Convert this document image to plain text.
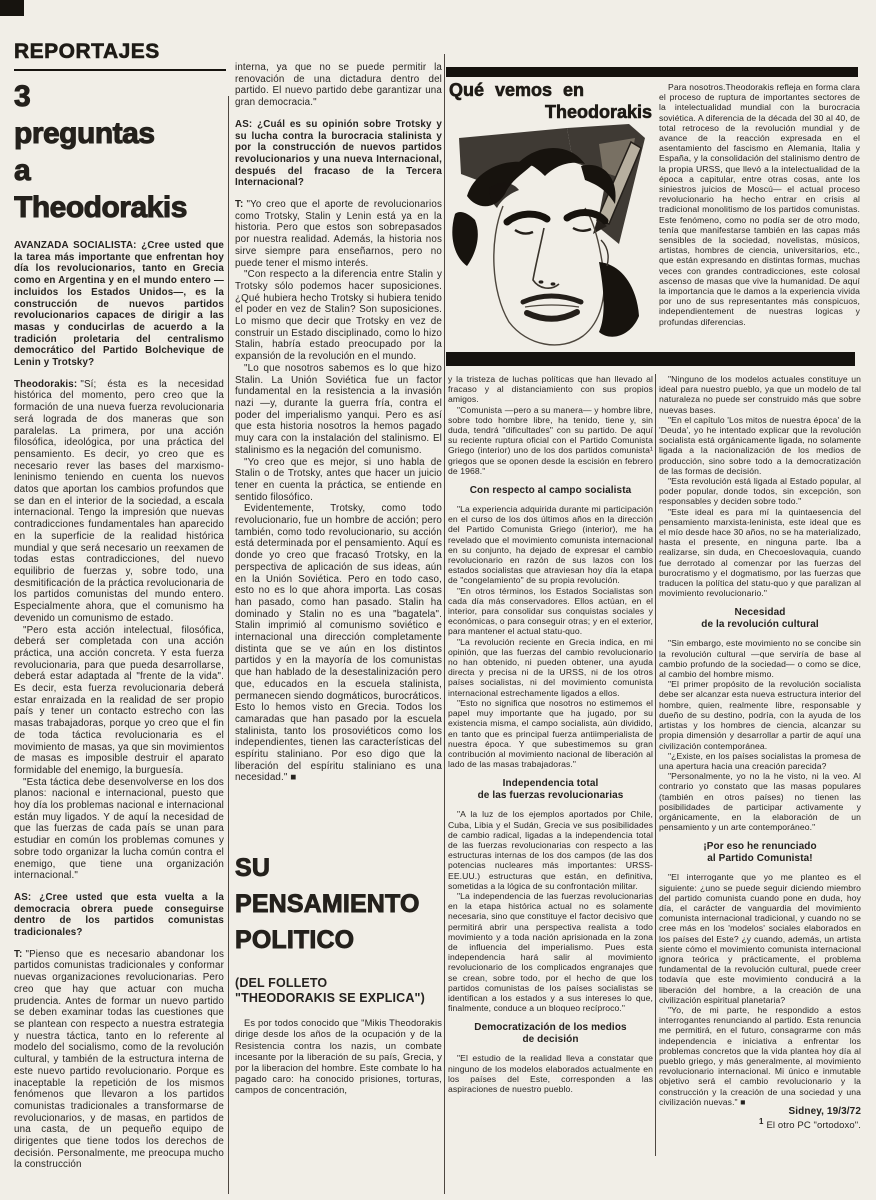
REPORTAJES
3
preguntas
a
Theodorakis

AVANZADA SOCIALISTA: ¿Cree usted que la tarea más importante que enfrentan hoy día los revolucionarios, tanto en Grecia como en Argentina y en el mundo entero —incluidos los Estados Unidos—, es la construcción de nuevos partidos revolucionarios capaces de dirigir a las masas y conducirlas de acuerdo a la tradición proletaria del centralismo democrático del Partido Bolchevique de Lenin y Trotsky?

Theodorakis: "Sí; ésta es la necesidad histórica del momento, pero creo que la formación de una nueva fuerza revolucionaria será lograda de dos maneras que son paralelas. La primera, por una acción filosófica, ideológica, por una práctica del pensamiento. Es decir, yo creo que es necesario rever las bases del marxismo-leninismo teniendo en cuenta los nuevos datos que aportan los cambios profundos que se dan en el interior de la sociedad, a escala internacional. Tengo la impresión que nuevas contradicciones fundamentales han aparecido en la superficie de la realidad histórica mundial y que será necesario un reexamen de todas estas contradicciones, del nuevo equilibrio de fuerzas y, sobre todo, una desmitificación de la práctica revolucionaria de los partidos comunistas del mundo entero. Especialmente ahora, que el comunismo ha devenido un comunismo de estado.

"Pero esta acción intelectual, filosófica, deberá ser completada con una acción práctica, una acción concreta. Y esta fuerza revolucionaria, para que pueda desarrollarse, deberá estar adaptada al "frente de la vida". Es decir, esta fuerza revolucionaria deberá estar enraizada en la realidad de ser propio país y tener un contacto estrecho con las masas trabajadoras, porque yo creo que el fin de toda táctica revolucionaria es el movimiento de masas, ya que sin movimientos de masas es imposible destruir el aparato formidable del enemigo, la burguesía.

"Esta táctica debe desenvolverse en los dos planos: nacional e internacional, puesto que hoy día los problemas nacional e internacional están muy ligados. Y de aquí la necesidad de que las fuerzas de cada país se unan para estudiar en común los problemas comunes y sobre todo organizar la lucha común contra el enemigo, que tiene una organización internacional."

AS: ¿Cree usted que esta vuelta a la democracia obrera puede conseguirse dentro de los partidos comunistas tradicionales?

T: "Pienso que es necesario abandonar los partidos comunistas tradicionales y conformar nuevas organizaciones revolucionarias. Pero creo que hay que actuar con mucha prudencia. Antes de formar un nuevo partido se deben examinar todas las cuestiones que se plantean con respecto a nuestra estrategia y nuestra táctica, tanto en lo referente al modelo del socialismo, como de la revolución cultural, y también de la estructura interna de este nuevo partido revolucionario. Porque es inaceptable la repetición de los mismos fenómenos que llevaron a los partidos comunistas tradicionales a transformarse de revolucionarios, y de masas, en partidos de una casta, de un pequeño equipo de dirigentes que tiene todos los derechos de decisión. Personalmente, me preocupa mucho la construcción

interna, ya que no se puede permitir la renovación de una dictadura dentro del partido. El nuevo partido debe garantizar una gran democracia."

AS: ¿Cuál es su opinión sobre Trotsky y su lucha contra la burocracia stalinista y por la construcción de nuevos partidos revolucionarios y una nueva Internacional, después del fracaso de la Tercera Internacional?

T: "Yo creo que el aporte de revolucionarios como Trotsky, Stalin y Lenin está ya en la historia. Pero que estos son sobrepasados por nuestra realidad. Además, la historia nos sirve siempre para enseñarnos, pero no puede tener el mismo interés.

"Con respecto a la diferencia entre Stalin y Trotsky sólo podemos hacer suposiciones. ¿Qué hubiera hecho Trotsky si hubiera tenido el poder en vez de Stalin? Son suposiciones. Lo mismo que decir que Trotsky en vez de construir un Estado disciplinado, como lo hizo Stalin, habría estado preocupado por la expansión de la revolución en el mundo.

"Lo que nosotros sabemos es lo que hizo Stalin. La Unión Soviética fue un factor fundamental en la resistencia a la invasión nazi —y, durante la guerra fría, contra el poder del imperialismo yanqui. Pero es así que esta historia nosotros la hemos pagado muy cara con la instalación del stalinismo. El stalinismo es la negación del comunismo.

"Yo creo que es mejor, si uno habla de Stalin o de Trotsky, antes que hacer un juicio tener en cuenta la práctica, se entiende en sentido filosófico.

Evidentemente, Trotsky, como todo revolucionario, fue un hombre de acción; pero también, como todo revolucionario, su acción está determinada por el pensamiento. Aquí es donde yo creo que fracasó Trotsky, en la perspectiva de aplicación de sus ideas, aún en la Unión Soviética. Pero en todo caso, esto no es lo que ahora importa. Las cosas han pasado, como han pasado. Stalin ha dominado y Stalin no es una "bagatela". Stalin imprimió al comunismo soviético e internacional una dirección completamente distinta que se ve aún en los distintos partidos y en la mayoría de los comunistas que han hablado de la desestalinización pero que, educados en la escuela stalinista, permanecen siendo dogmáticos, burocráticos. Esto lo hemos visto en Grecia. Todos los camaradas que han pasado por la escuela stalinista, tanto los prosoviéticos como los independientes, tienen las características del espíritu staliniano. Por eso digo que la liberación del espíritu staliniano es una necesidad." ■

SU
PENSAMIENTO
POLITICO
(DEL FOLLETO
"THEODORAKIS SE EXPLICA")

Es por todos conocido que "Mikis Theodorakis dirige desde los años de la ocupación y de la Resistencia contra los nazis, un combate incesante por la liberación de su país, Grecia, y por la liberacion del hombre. Este combate lo ha pagado caro: ha conocido prisiones, torturas, campos de concentración,

Qué vemos en
Theodorakis

y la tristeza de luchas políticas que han llevado al fracaso y al distanciamiento con sus propios amigos.

"Comunista —pero a su manera— y hombre libre, sobre todo hombre libre, ha tenido, tiene y, sin duda, tendrá "dificultades" con su partido. De aquí su reciente ruptura oficial con el Partido Comunista Griego (interior) uno de los dos partidos comunista¹ griegos que se oponen desde la escisión en febrero de 1968."

Con respecto al campo socialista

"La experiencia adquirida durante mi participación en el curso de los dos últimos años en la dirección del Partido Comunista Griego (interior), me ha revelado que el movimiento comunista internacional en su conjunto, ha dejado de expresar el cambio revolucionario en razón de sus lazos con los estados socialistas que atraviesan hoy día la etapa de "congelamiento" de su propia revolución.

"En otros términos, los Estados Socialistas son cada día más conservadores. Ellos actúan, en el interior, para consolidar sus conquistas sociales y económicas, o para conseguir otras; y en el exterior, para mantener el actual statu-quo.

"La revolución reciente en Grecia indica, en mi opinión, que las fuerzas del cambio revolucionario no han obtenido, ni pueden obtener, una ayuda directa y precisa ni de la URSS, ni de los otros países socialistas, ni del movimiento comunista internacional estrechamente ligados a ellos.

"Esto no significa que nosotros no estimemos el papel muy importante que ha jugado, por su existencia misma, el campo socialista, aún dividido, en tanto que es principal fuerza antiimperialista de nuestra época. Y que subestimemos su gran contribución al movimiento nacional de liberación al lado de las masas trabajadoras."

Independencia total
de las fuerzas revolucionarias

"A la luz de los ejemplos aportados por Chile, Cuba, Libia y el Sudán, Grecia ve sus posibilidades de cambio radical, ligadas a la independencia total de las fuerzas revolucionarias con respecto a las estructuras internas de los dos campos (de las dos potencias nucleares más importantes: URSS- EE.UU.) estructuras que están, en definitiva, sometidas a la lógica de su confrontación militar.

"La independencia de las fuerzas revolucionarias en la etapa histórica actual no es solamente necesaria, sino que constituye el factor decisivo que permitirá abrir una perspectiva realista a todo movimiento y a toda nación aprisionada en la zona de influencia del imperialismo. Pues esta independencia hará salir al movimiento revolucionario de los complicados engranajes que se crean, sobre todo, por el hecho de que los partidos comunistas de los países socialistas se identifican a los estados y a sus intereses lo que, finalmente, conduce a un bloqueo recíproco."

Democratización de los medios
de decisión

"El estudio de la realidad lleva a constatar que ninguno de los modelos elaborados actualmente en los países del Este, corresponden a las aspiraciones de nuestro pueblo.

Para nosotros.Theodorakis refleja en forma clara el proceso de ruptura de importantes sectores de la intelectualidad mundial con la burocracia soviética. A diferencia de la década del 30 al 40, de total retroceso de la revolución mundial y de avance de la reacción expresada en el asentamiento del fascismo en Alemania, Italia y España, y la consolidación del stalinismo dentro de la propia URSS, que llevó a la intelectualidad de la época a capitular, entre otras cosas, ante los siniestros juicios de Moscú— el actual proceso revolucionario ha hecho entrar en crisis al tradicional monolitismo de los partidos comunistas. Este fenómeno, como no podía ser de otro modo, tenía que manifestarse también en las capas más sensibles de la sociedad, novelistas, músicos, artistas, hombres de ciencia, universitarios, etc., que están expresando en distintas formas, muchas veces con grandes contradicciones, este colosal ascenso de masas que vive la humanidad. De aquí la importancia que le damos a la experiencia vivida por uno de sus representantes más conspicuos, independientement de nuestras logicas y profundas diferencias.

"Ninguno de los modelos actuales constituye un ideal para nuestro pueblo, ya que un modelo de tal naturaleza no puede ser construido más que sobre nuevas bases.

"En el capítulo 'Los mitos de nuestra época' de la 'Deuda', yo he intentado explicar que la revolución socialista está orgánicamente ligada, no solamente ligada a la nacionalización de los medios de producción, sino sobre todo a la democratización de las formas de decisión.

"Esta revolución está ligada al Estado popular, al poder popular, donde todos, sin excepción, son responsables y deciden sobre todo."

"Este ideal es para mí la quintaesencia del pensamiento marxista-leninista, este ideal que es el mío desde hace 30 años, no se ha materializado, hasta el presente, en ninguna parte. Iba a realizarse, sin duda, en Checoeslovaquia, cuando fue derrotado al comenzar por las fuerzas del burocratismo y el dogmatismo, por las fuerzas que traducen la política del statu-quo y que paralizan al movimiento revolucionario."

Necesidad
de la revolución cultural

"Sin embargo, este movimiento no se concibe sin la revolución cultural —que serviría de base al cambio profundo de la sociedad— o como se dice, al cambio del hombre mismo.

"El primer propósito de la revolución socialista debe ser alcanzar esta nueva estructura interior del hombre, quien, realmente libre, responsable y dueño de su destino, podría, con la ayuda de los artistas y los hombres de ciencia, alcanzar su propia dimensión y desarrollar a partir de aquí una civilización contemporánea.

"¿Existe, en los países socialistas la promesa de una apertura hacia una creación parecida?

"Personalmente, yo no la he visto, ni la veo. Al contrario yo constato que las masas populares (también en otros países) no tienen las posibilidades de participar activamente y orgánicamente, en la elaboración de un pensamiento y un arte contemporáneo."

¡Por eso he renunciado
al Partido Comunista!

"El interrogante que yo me planteo es el siguiente: ¿uno se puede seguir diciendo miembro del partido comunista cuando pone en duda, hoy día, el carácter de vanguardia del movimiento comunista internacional tradicional, y cuando no se cree más en los 'modelos' sociales elaborados en los países del Este? ¿y cuando, además, un artista siente cómo el movimiento comunista internacional ignora teórica y prácticamente, el problema fundamental de la revolución cultural, puede creer todavía que este movimiento conducirá a la liberación del hombre, a la creación de una civilización espiritual planetaria?

"Yo, de mi parte, he respondido a estos interrogantes renunciando al partido. Esta renuncia me permitirá, en el futuro, consagrarme con más independencia e iniciativa a enfrentar los problemas concretos que la vida plantea hoy día al pueblo griego, y más generalmente, al movimiento revolucionario internacional. Mi único e inmutable objetivo será el cambio revolucionario y la construcción y la creación de una sociedad y una civilización nuevas." ■

Sidney, 19/3/72

$^1$ El otro PC "ortodoxo".
